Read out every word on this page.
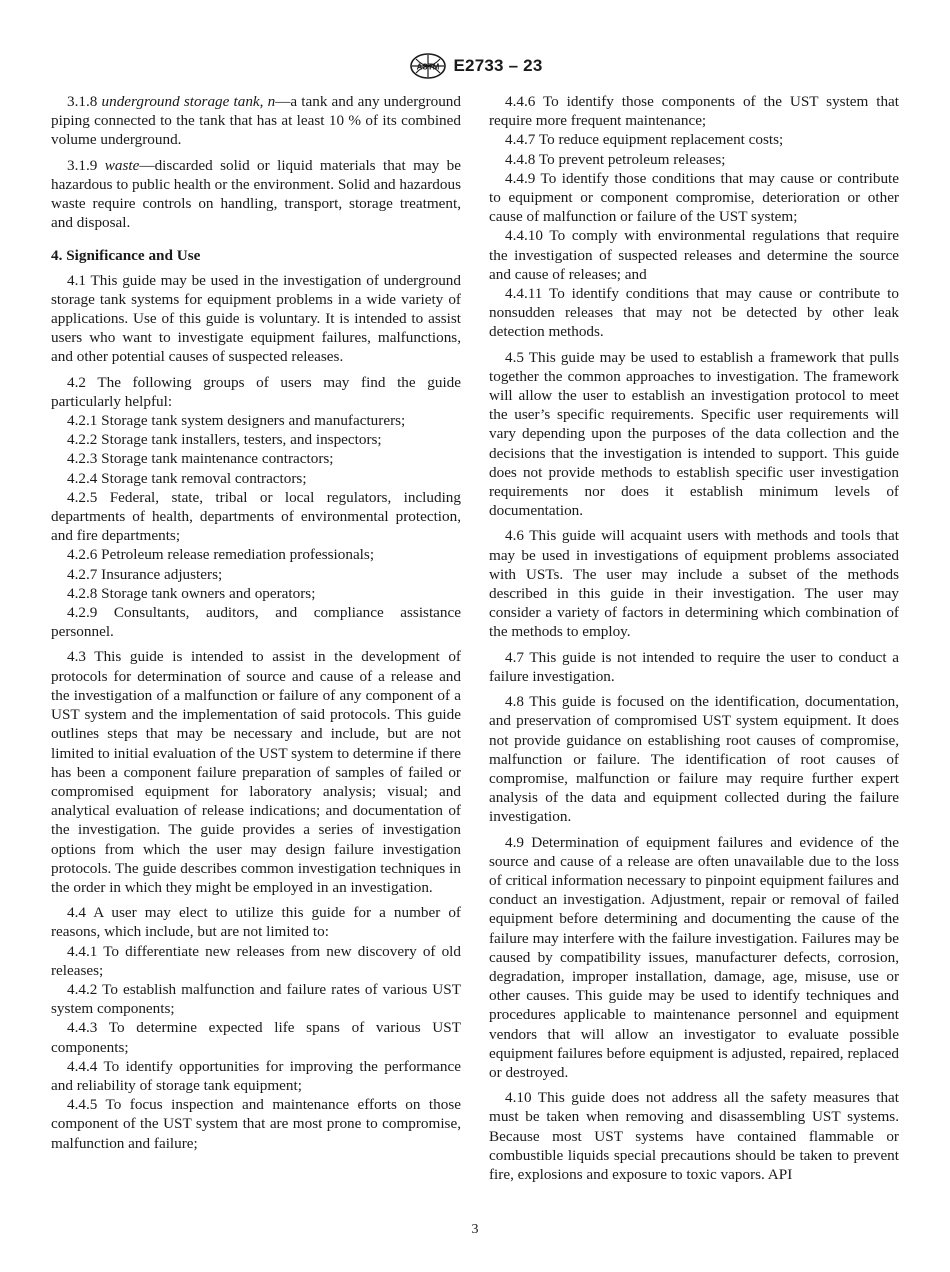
ASTM E2733 – 23

3.1.8 underground storage tank, n—a tank and any underground piping connected to the tank that has at least 10 % of its combined volume underground.

3.1.9 waste—discarded solid or liquid materials that may be hazardous to public health or the environment. Solid and hazardous waste require controls on handling, transport, storage treatment, and disposal.

4. Significance and Use

4.1 This guide may be used in the investigation of underground storage tank systems for equipment problems in a wide variety of applications. Use of this guide is voluntary. It is intended to assist users who want to investigate equipment failures, malfunctions, and other potential causes of suspected releases.

4.2 The following groups of users may find the guide particularly helpful:

4.2.1 Storage tank system designers and manufacturers;
4.2.2 Storage tank installers, testers, and inspectors;
4.2.3 Storage tank maintenance contractors;
4.2.4 Storage tank removal contractors;
4.2.5 Federal, state, tribal or local regulators, including departments of health, departments of environmental protection, and fire departments;
4.2.6 Petroleum release remediation professionals;
4.2.7 Insurance adjusters;
4.2.8 Storage tank owners and operators;
4.2.9 Consultants, auditors, and compliance assistance personnel.

4.3 This guide is intended to assist in the development of protocols for determination of source and cause of a release and the investigation of a malfunction or failure of any component of a UST system and the implementation of said protocols. This guide outlines steps that may be necessary and include, but are not limited to initial evaluation of the UST system to determine if there has been a component failure preparation of samples of failed or compromised equipment for laboratory analysis; visual; and analytical evaluation of release indications; and documentation of the investigation. The guide provides a series of investigation options from which the user may design failure investigation protocols. The guide describes common investigation techniques in the order in which they might be employed in an investigation.

4.4 A user may elect to utilize this guide for a number of reasons, which include, but are not limited to:

4.4.1 To differentiate new releases from new discovery of old releases;
4.4.2 To establish malfunction and failure rates of various UST system components;
4.4.3 To determine expected life spans of various UST components;
4.4.4 To identify opportunities for improving the performance and reliability of storage tank equipment;
4.4.5 To focus inspection and maintenance efforts on those component of the UST system that are most prone to compromise, malfunction and failure;
4.4.6 To identify those components of the UST system that require more frequent maintenance;
4.4.7 To reduce equipment replacement costs;
4.4.8 To prevent petroleum releases;
4.4.9 To identify those conditions that may cause or contribute to equipment or component compromise, deterioration or other cause of malfunction or failure of the UST system;
4.4.10 To comply with environmental regulations that require the investigation of suspected releases and determine the source and cause of releases; and
4.4.11 To identify conditions that may cause or contribute to nonsudden releases that may not be detected by other leak detection methods.

4.5 This guide may be used to establish a framework that pulls together the common approaches to investigation. The framework will allow the user to establish an investigation protocol to meet the user’s specific requirements. Specific user requirements will vary depending upon the purposes of the data collection and the decisions that the investigation is intended to support. This guide does not provide methods to establish specific user investigation requirements nor does it establish minimum levels of documentation.

4.6 This guide will acquaint users with methods and tools that may be used in investigations of equipment problems associated with USTs. The user may include a subset of the methods described in this guide in their investigation. The user may consider a variety of factors in determining which combination of the methods to employ.

4.7 This guide is not intended to require the user to conduct a failure investigation.

4.8 This guide is focused on the identification, documentation, and preservation of compromised UST system equipment. It does not provide guidance on establishing root causes of compromise, malfunction or failure. The identification of root causes of compromise, malfunction or failure may require further expert analysis of the data and equipment collected during the failure investigation.

4.9 Determination of equipment failures and evidence of the source and cause of a release are often unavailable due to the loss of critical information necessary to pinpoint equipment failures and conduct an investigation. Adjustment, repair or removal of failed equipment before determining and documenting the cause of the failure may interfere with the failure investigation. Failures may be caused by compatibility issues, manufacturer defects, corrosion, degradation, improper installation, damage, age, misuse, use or other causes. This guide may be used to identify techniques and procedures applicable to maintenance personnel and equipment vendors that will allow an investigator to evaluate possible equipment failures before equipment is adjusted, repaired, replaced or destroyed.

4.10 This guide does not address all the safety measures that must be taken when removing and disassembling UST systems. Because most UST systems have contained flammable or combustible liquids special precautions should be taken to prevent fire, explosions and exposure to toxic vapors. API

3
